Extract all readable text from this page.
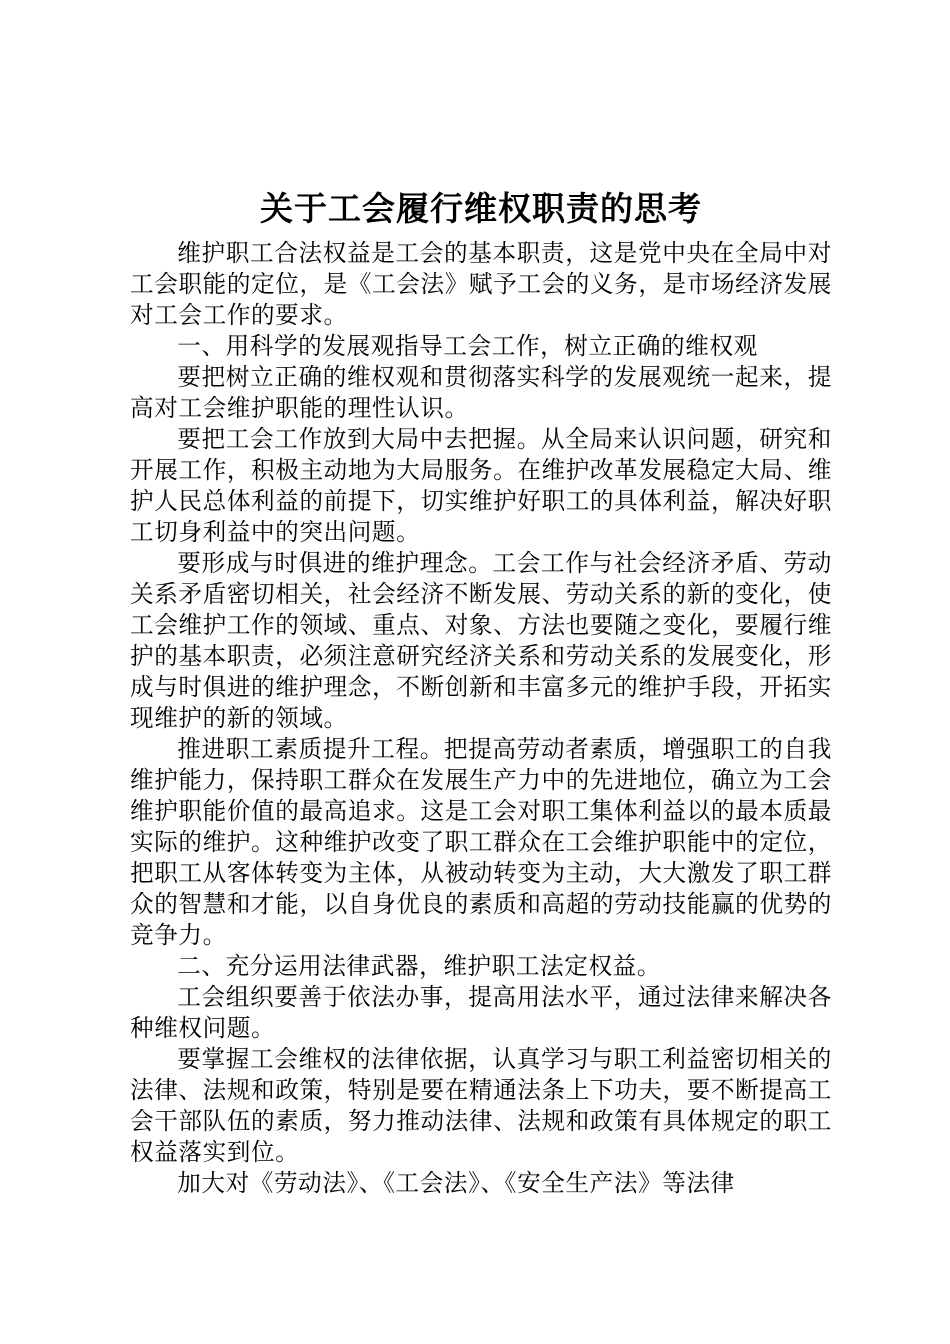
关于工会履行维权职责的思考

维护职工合法权益是工会的基本职责，这是党中央在全局中对工会职能的定位，是《工会法》赋予工会的义务，是市场经济发展对工会工作的要求。

一、用科学的发展观指导工会工作，树立正确的维权观

要把树立正确的维权观和贯彻落实科学的发展观统一起来，提高对工会维护职能的理性认识。

要把工会工作放到大局中去把握。从全局来认识问题，研究和开展工作，积极主动地为大局服务。在维护改革发展稳定大局、维护人民总体利益的前提下，切实维护好职工的具体利益，解决好职工切身利益中的突出问题。

要形成与时俱进的维护理念。工会工作与社会经济矛盾、劳动关系矛盾密切相关，社会经济不断发展、劳动关系的新的变化，使工会维护工作的领域、重点、对象、方法也要随之变化，要履行维护的基本职责，必须注意研究经济关系和劳动关系的发展变化，形成与时俱进的维护理念，不断创新和丰富多元的维护手段，开拓实现维护的新的领域。

推进职工素质提升工程。把提高劳动者素质，增强职工的自我维护能力，保持职工群众在发展生产力中的先进地位，确立为工会维护职能价值的最高追求。这是工会对职工集体利益以的最本质最实际的维护。这种维护改变了职工群众在工会维护职能中的定位，把职工从客体转变为主体，从被动转变为主动，大大激发了职工群众的智慧和才能，以自身优良的素质和高超的劳动技能赢的优势的竞争力。

二、充分运用法律武器，维护职工法定权益。

工会组织要善于依法办事，提高用法水平，通过法律来解决各种维权问题。

要掌握工会维权的法律依据，认真学习与职工利益密切相关的法律、法规和政策，特别是要在精通法条上下功夫，要不断提高工会干部队伍的素质，努力推动法律、法规和政策有具体规定的职工权益落实到位。

加大对《劳动法》、《工会法》、《安全生产法》等法律
